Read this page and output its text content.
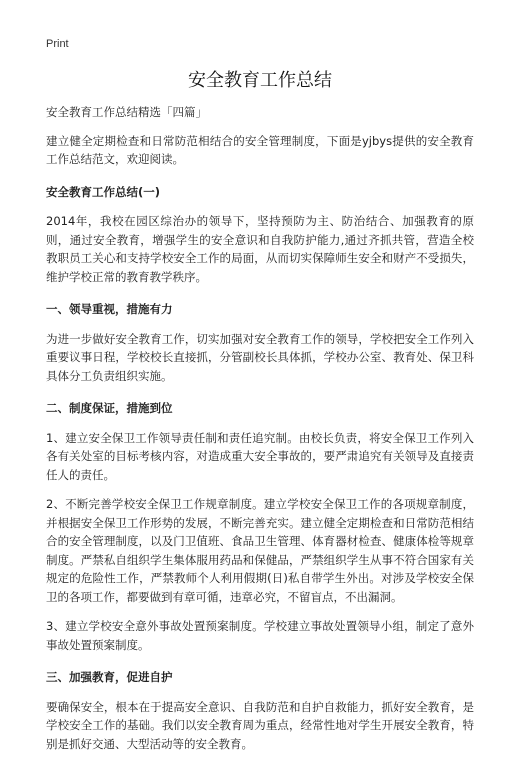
Print
安全教育工作总结

安全教育工作总结精选「四篇」

建立健全定期检查和日常防范相结合的安全管理制度，下面是yjbys提供的安全教育工作总结范文，欢迎阅读。

安全教育工作总结(一)

2014年，我校在园区综治办的领导下，坚持预防为主、防治结合、加强教育的原则，通过安全教育，增强学生的安全意识和自我防护能力,通过齐抓共管，营造全校教职员工关心和支持学校安全工作的局面，从而切实保障师生安全和财产不受损失，维护学校正常的教育教学秩序。

一、领导重视，措施有力

为进一步做好安全教育工作，切实加强对安全教育工作的领导，学校把安全工作列入重要议事日程，学校校长直接抓，分管副校长具体抓，学校办公室、教育处、保卫科具体分工负责组织实施。

二、制度保证，措施到位

1、建立安全保卫工作领导责任制和责任追究制。由校长负责，将安全保卫工作列入各有关处室的目标考核内容，对造成重大安全事故的，要严肃追究有关领导及直接责任人的责任。

2、不断完善学校安全保卫工作规章制度。建立学校安全保卫工作的各项规章制度，并根据安全保卫工作形势的发展，不断完善充实。建立健全定期检查和日常防范相结合的安全管理制度，以及门卫值班、食品卫生管理、体育器材检查、健康体检等规章制度。严禁私自组织学生集体服用药品和保健品，严禁组织学生从事不符合国家有关规定的危险性工作，严禁教师个人利用假期(日)私自带学生外出。对涉及学校安全保卫的各项工作，都要做到有章可循，违章必究，不留盲点，不出漏洞。

3、建立学校安全意外事故处置预案制度。学校建立事故处置领导小组，制定了意外事故处置预案制度。

三、加强教育，促进自护

要确保安全，根本在于提高安全意识、自我防范和自护自救能力，抓好安全教育，是学校安全工作的基础。我们以安全教育周为重点，经常性地对学生开展安全教育，特别是抓好交通、大型活动等的安全教育。
